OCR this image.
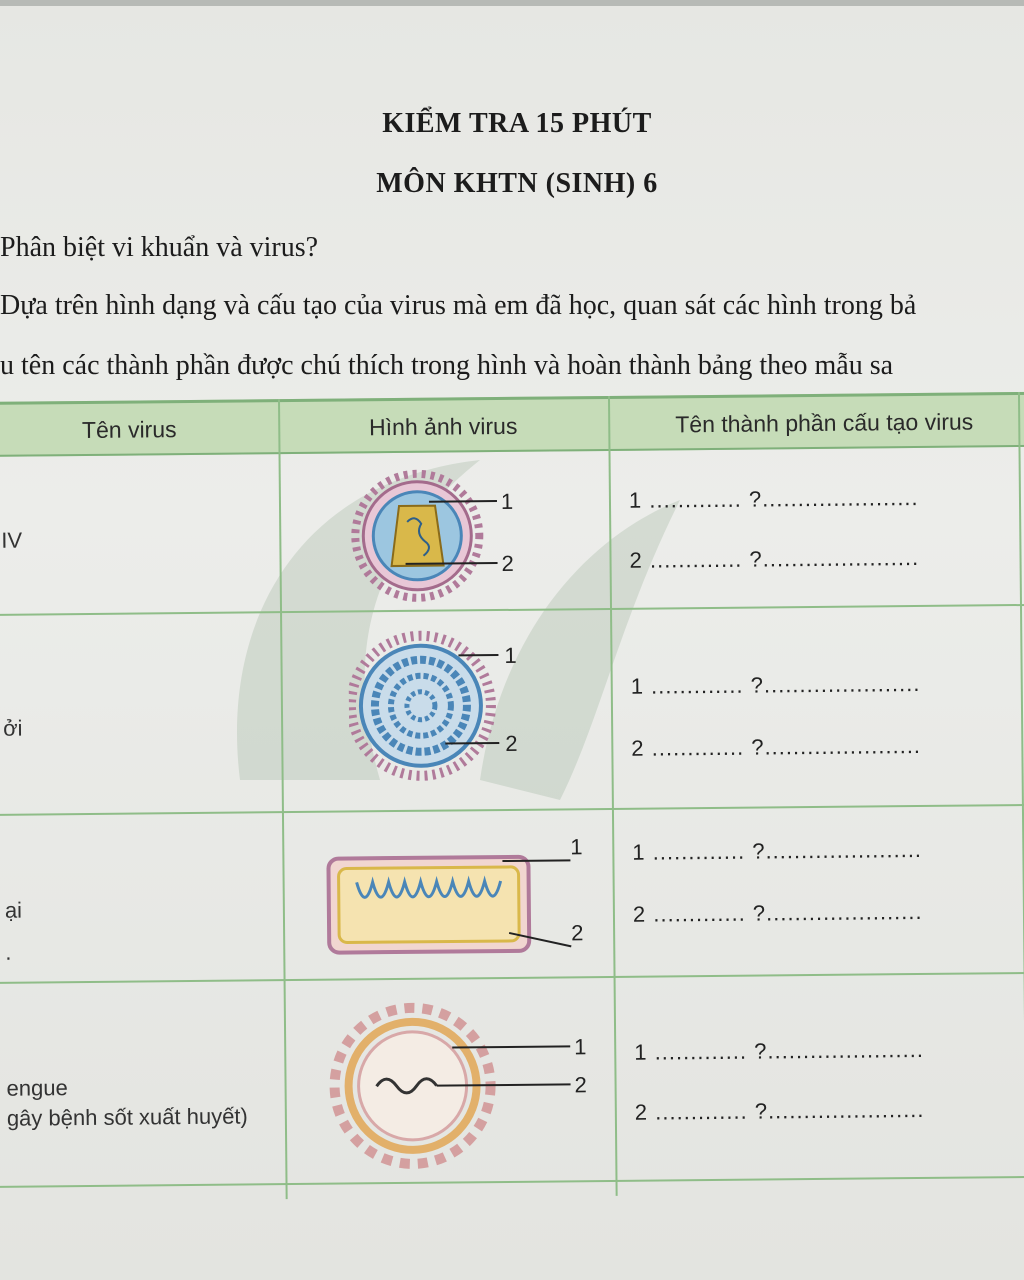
KIỂM TRA 15 PHÚT
MÔN KHTN (SINH) 6
Phân biệt vi khuẩn và virus?
Dựa trên hình dạng và cấu tạo của virus mà em đã học, quan sát các hình trong bả
u tên các thành phần được chú thích trong hình và hoàn thành bảng theo mẫu sa
Tên virus	Hình ảnh virus	Tên thành phần cấu tạo virus
IV
1
2
1 ............. ?......................
2 ............. ?......................
ởi
1
2
1 ............. ?......................
2 ............. ?......................
ại
.
1
2
1 ............. ?......................
2 ............. ?......................
engue
gây bệnh sốt xuất huyết)
1
2
1 ............. ?......................
2 ............. ?......................
